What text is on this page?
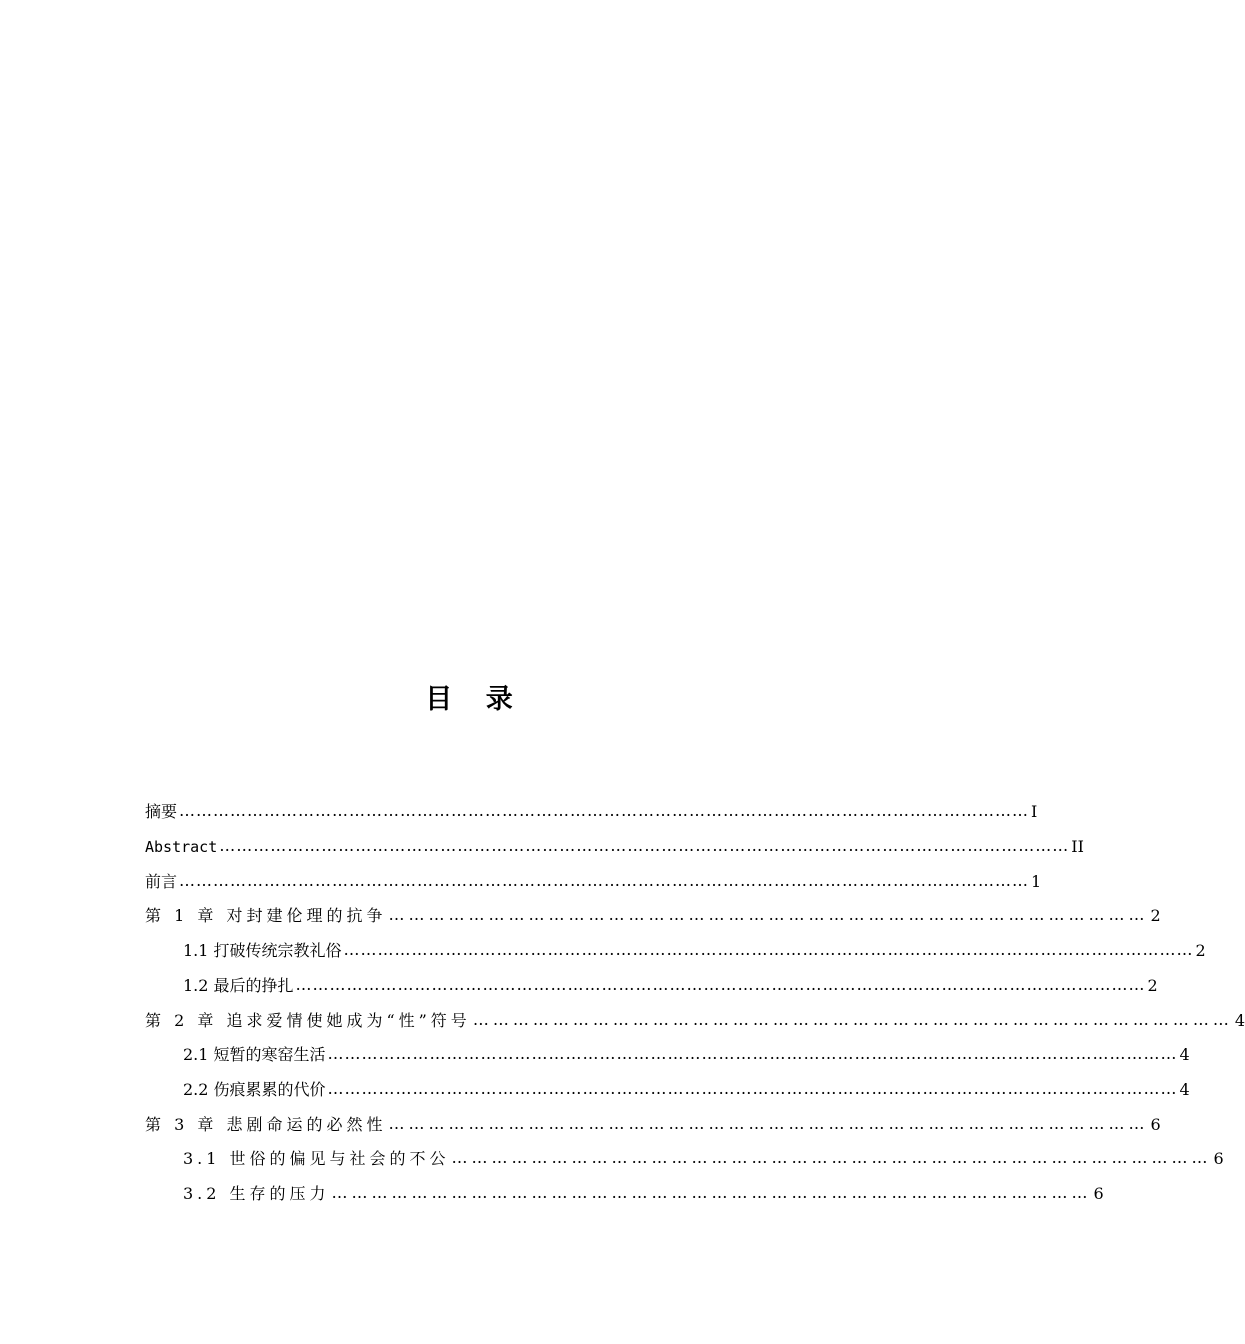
目 录
摘要 …………………………………………………………………………………………………………………………………… I
Abstract …………………………………………………………………………………………………………………………………… II
前言 …………………………………………………………………………………………………………………………………… 1
第 1 章 对封建伦理的抗争 …………………………………………………………………………………………………… 2
1.1 打破传统宗教礼俗 …………………………………………………………………………………………………………………………………… 2
1.2 最后的挣扎 …………………………………………………………………………………………………………………………………… 2
第 2 章 追求爱情使她成为“性”符号 …………………………………………………………………………………………………… 4
2.1 短暂的寒窑生活 …………………………………………………………………………………………………………………………………… 4
2.2 伤痕累累的代价 …………………………………………………………………………………………………………………………………… 4
第 3 章 悲剧命运的必然性 …………………………………………………………………………………………………… 6
3.1 世俗的偏见与社会的不公 …………………………………………………………………………………………………… 6
3.2 生存的压力 …………………………………………………………………………………………………… 6
